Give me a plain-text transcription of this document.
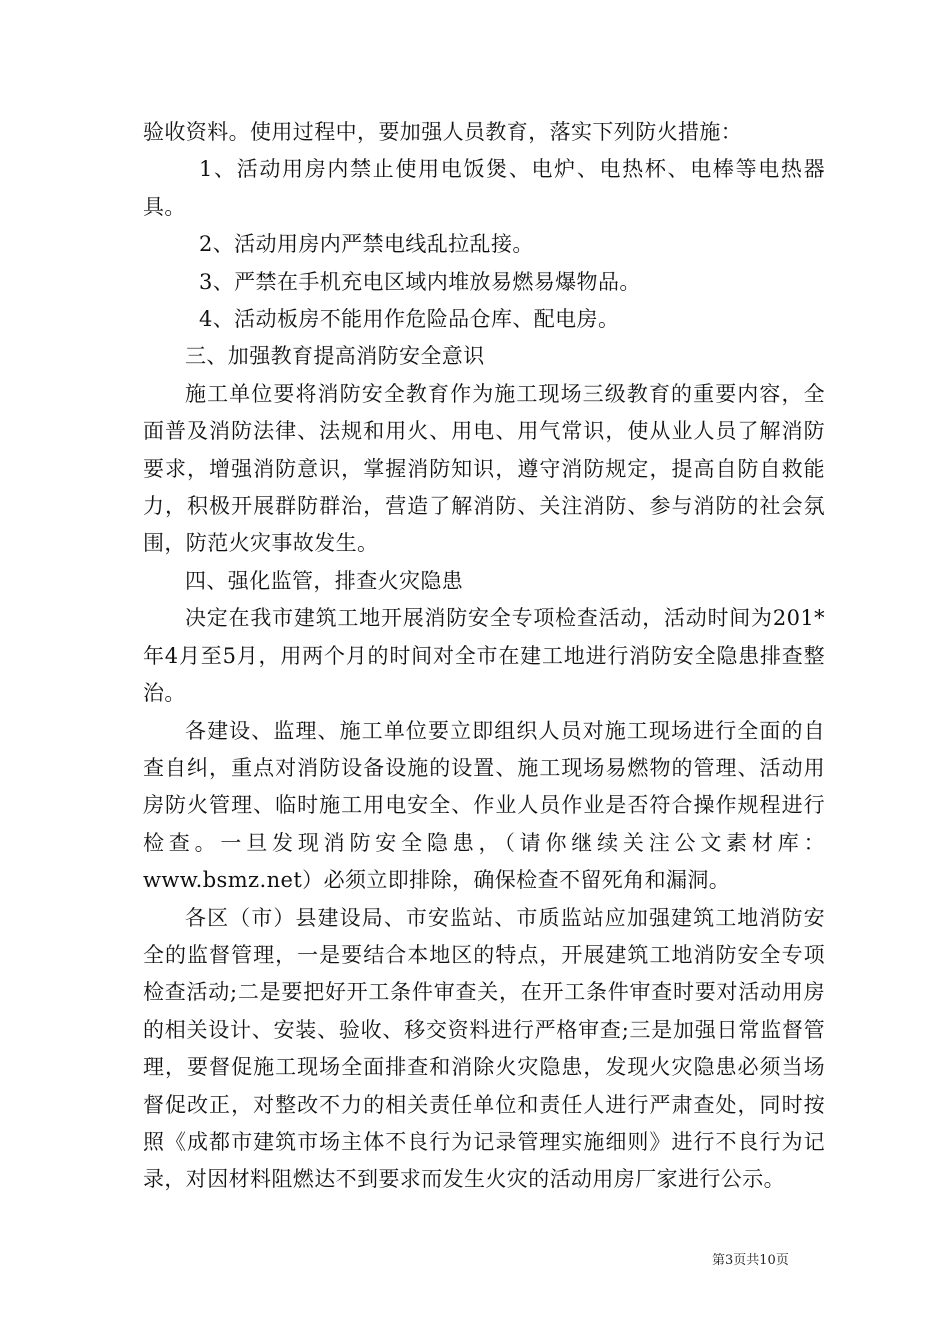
验收资料。使用过程中，要加强人员教育，落实下列防火措施：

1、活动用房内禁止使用电饭煲、电炉、电热杯、电棒等电热器具。

2、活动用房内严禁电线乱拉乱接。

3、严禁在手机充电区域内堆放易燃易爆物品。

4、活动板房不能用作危险品仓库、配电房。

三、加强教育提高消防安全意识

施工单位要将消防安全教育作为施工现场三级教育的重要内容，全面普及消防法律、法规和用火、用电、用气常识，使从业人员了解消防要求，增强消防意识，掌握消防知识，遵守消防规定，提高自防自救能力，积极开展群防群治，营造了解消防、关注消防、参与消防的社会氛围，防范火灾事故发生。

四、强化监管，排查火灾隐患

决定在我市建筑工地开展消防安全专项检查活动，活动时间为201*年4月至5月，用两个月的时间对全市在建工地进行消防安全隐患排查整治。

各建设、监理、施工单位要立即组织人员对施工现场进行全面的自查自纠，重点对消防设备设施的设置、施工现场易燃物的管理、活动用房防火管理、临时施工用电安全、作业人员作业是否符合操作规程进行检查。一旦发现消防安全隐患，（请你继续关注公文素材库：www.bsmz.net）必须立即排除，确保检查不留死角和漏洞。

各区（市）县建设局、市安监站、市质监站应加强建筑工地消防安全的监督管理，一是要结合本地区的特点，开展建筑工地消防安全专项检查活动;二是要把好开工条件审查关，在开工条件审查时要对活动用房的相关设计、安装、验收、移交资料进行严格审查;三是加强日常监督管理，要督促施工现场全面排查和消除火灾隐患，发现火灾隐患必须当场督促改正，对整改不力的相关责任单位和责任人进行严肃查处，同时按照《成都市建筑市场主体不良行为记录管理实施细则》进行不良行为记录，对因材料阻燃达不到要求而发生火灾的活动用房厂家进行公示。

第3页共10页
